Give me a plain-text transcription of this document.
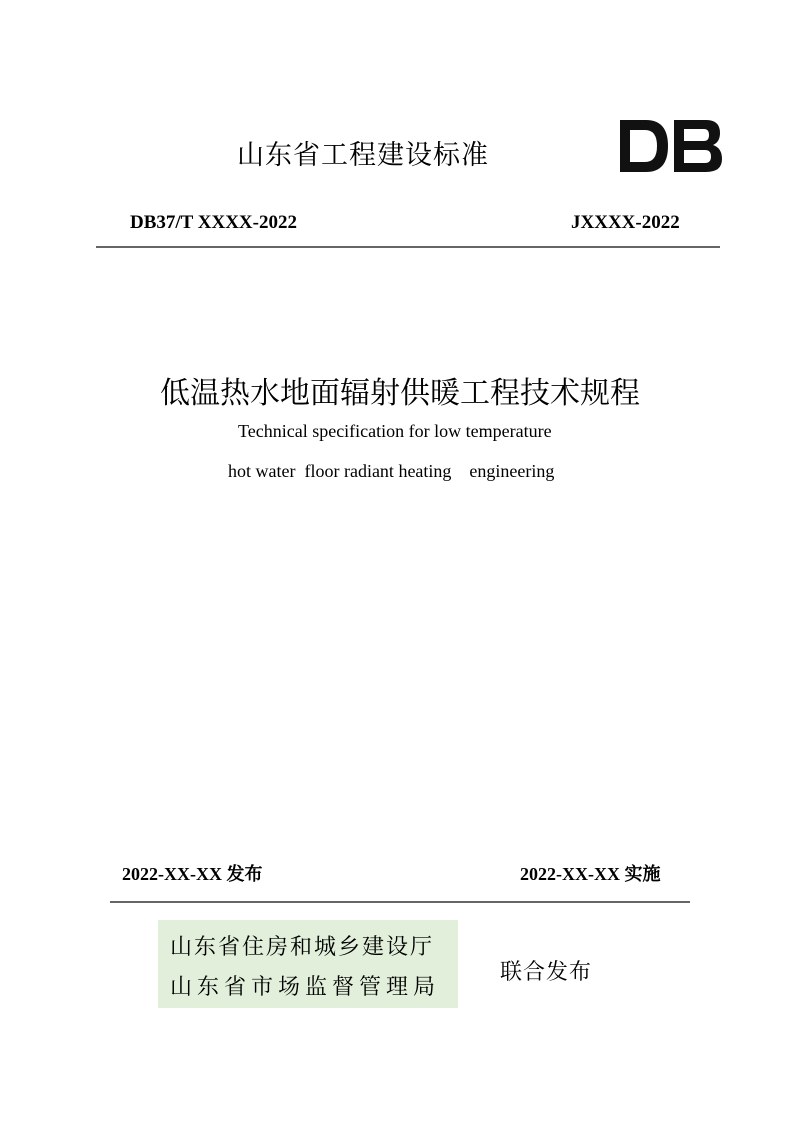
山东省工程建设标准
DB37/T XXXX-2022	JXXXX-2022
低温热水地面辐射供暖工程技术规程
Technical specification for low temperature
hot water  floor radiant heating    engineering
2022-XX-XX 发布	2022-XX-XX 实施
山东省住房和城乡建设厅
山东省市场监督管理局
联合发布
